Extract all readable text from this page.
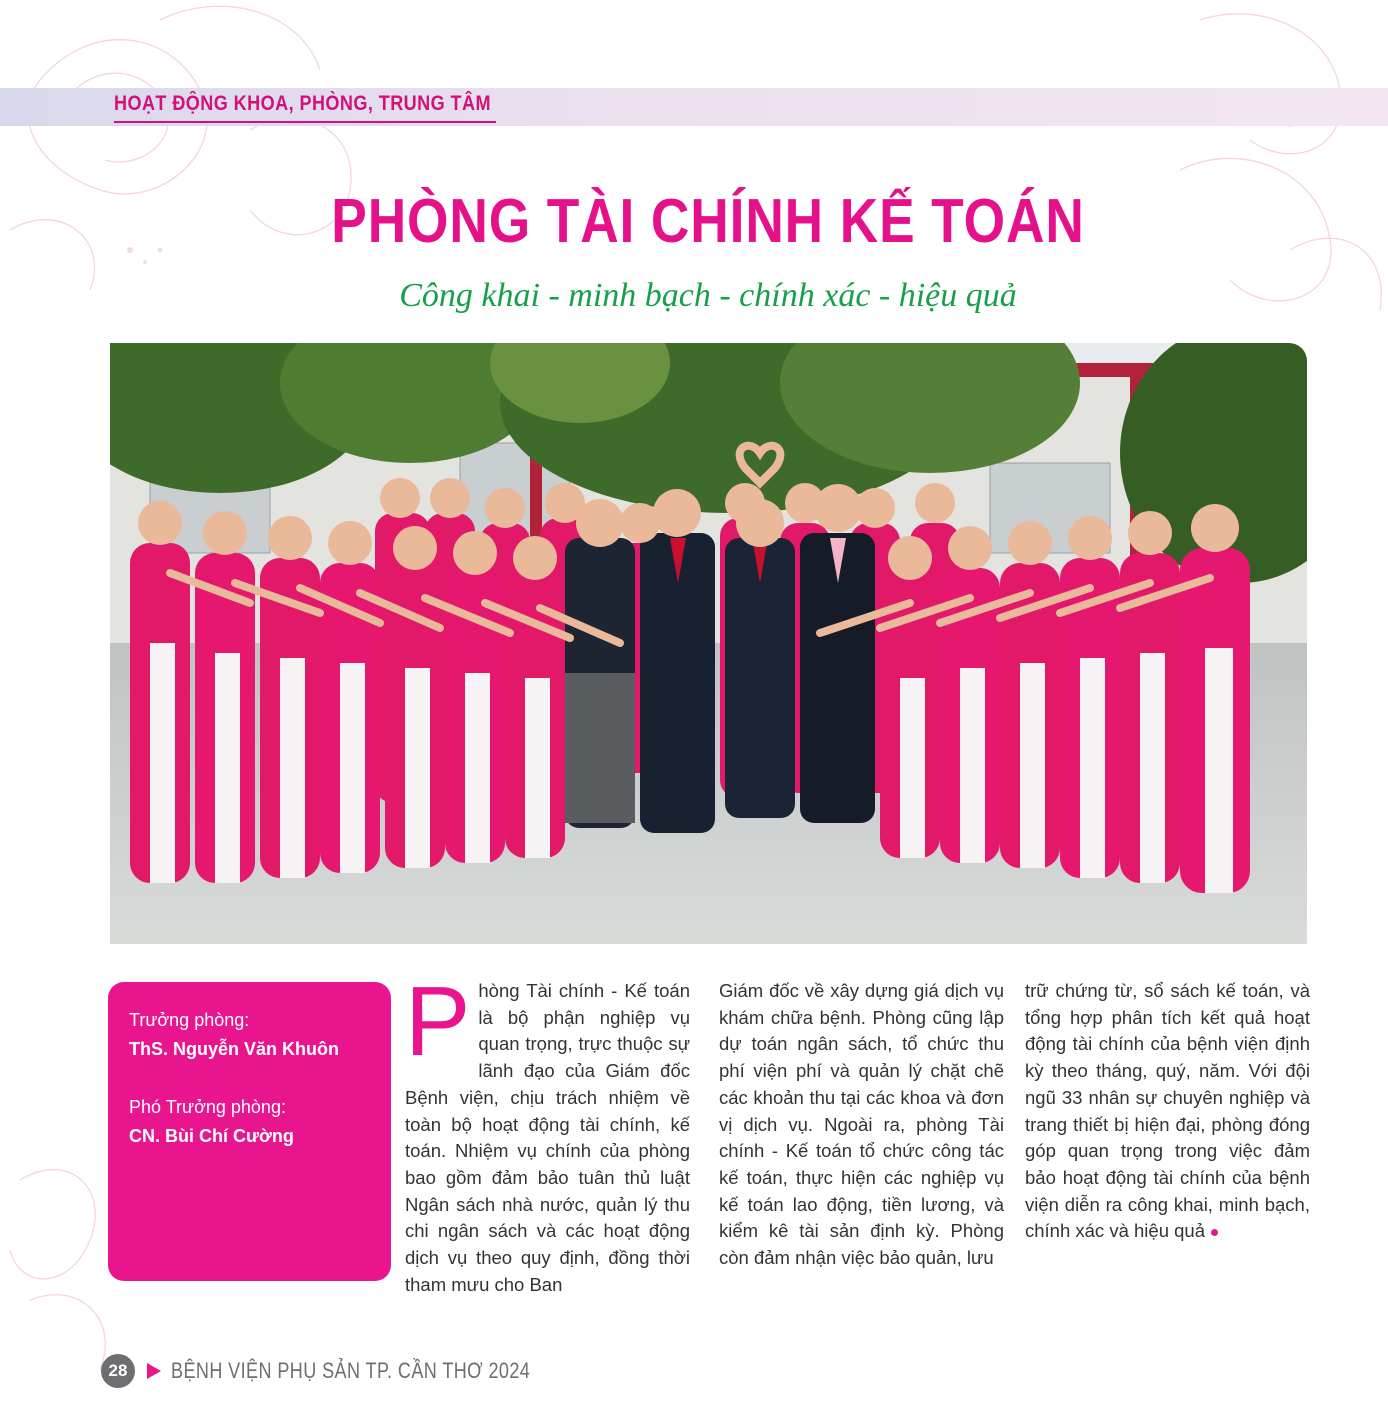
HOẠT ĐỘNG KHOA, PHÒNG, TRUNG TÂM
PHÒNG TÀI CHÍNH KẾ TOÁN
Công khai - minh bạch - chính xác - hiệu quả
Trưởng phòng:
ThS. Nguyễn Văn Khuôn
Phó Trưởng phòng:
CN. Bùi Chí Cường
Phòng Tài chính - Kế toán là bộ phận nghiệp vụ quan trọng, trực thuộc sự lãnh đạo của Giám đốc Bệnh viện, chịu trách nhiệm về toàn bộ hoạt động tài chính, kế toán. Nhiệm vụ chính của phòng bao gồm đảm bảo tuân thủ luật Ngân sách nhà nước, quản lý thu chi ngân sách và các hoạt động dịch vụ theo quy định, đồng thời tham mưu cho Ban
Giám đốc về xây dựng giá dịch vụ khám chữa bệnh. Phòng cũng lập dự toán ngân sách, tổ chức thu phí viện phí và quản lý chặt chẽ các khoản thu tại các khoa và đơn vị dịch vụ. Ngoài ra, phòng Tài chính - Kế toán tổ chức công tác kế toán, thực hiện các nghiệp vụ kế toán lao động, tiền lương, và kiểm kê tài sản định kỳ. Phòng còn đảm nhận việc bảo quản, lưu
trữ chứng từ, sổ sách kế toán, và tổng hợp phân tích kết quả hoạt động tài chính của bệnh viện định kỳ theo tháng, quý, năm. Với đội ngũ 33 nhân sự chuyên nghiệp và trang thiết bị hiện đại, phòng đóng góp quan trọng trong việc đảm bảo hoạt động tài chính của bệnh viện diễn ra công khai, minh bạch, chính xác và hiệu quả
28	BỆNH VIỆN PHỤ SẢN TP. CẦN THƠ 2024
